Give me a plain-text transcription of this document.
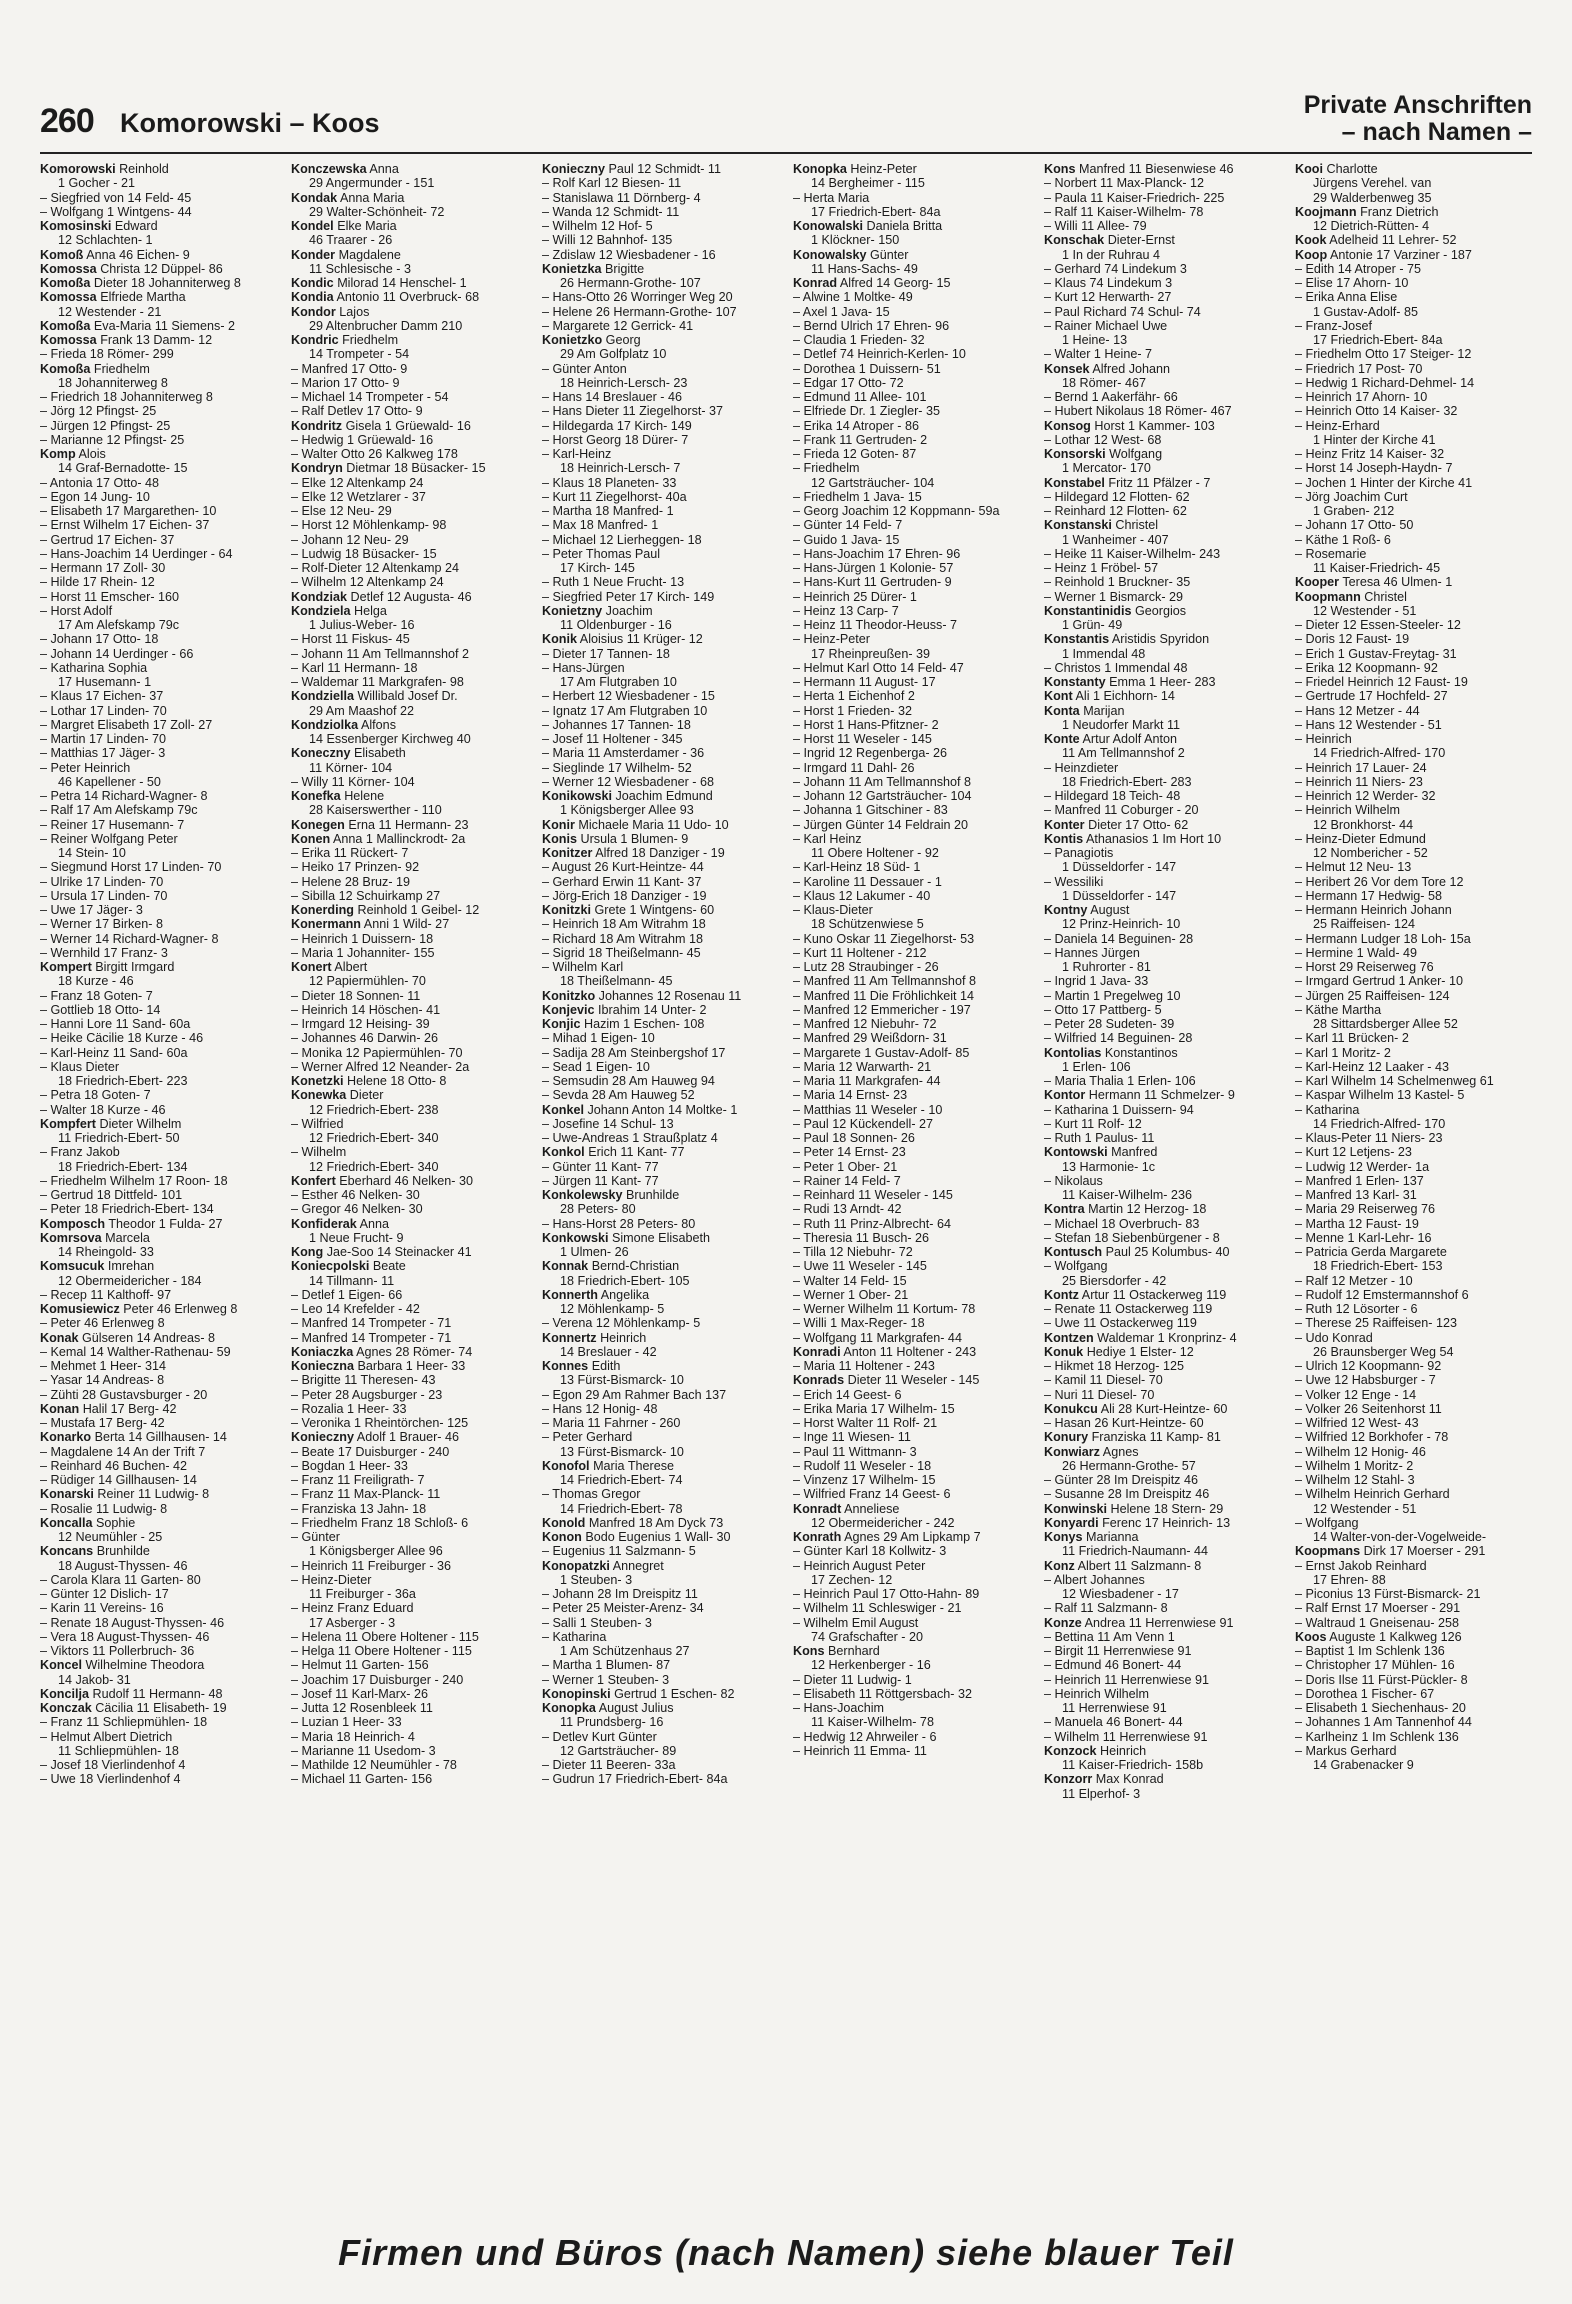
260 Komorowski – Koos
Private Anschriften
– nach Namen –
Komorowski Reinhold
1 Gocher - 21
– Siegfried von 14 Feld- 45
– Wolfgang 1 Wintgens- 44
Komosinski Edward
12 Schlachten- 1
Komoß Anna 46 Eichen- 9
Komossa Christa 12 Düppel- 86
Komoßa Dieter 18 Johanniterweg 8
Komossa Elfriede Martha
12 Westender - 21
Komoßa Eva-Maria 11 Siemens- 2
Komossa Frank 13 Damm- 12
– Frieda 18 Römer- 299
Komoßa Friedhelm
18 Johanniterweg 8
– Friedrich 18 Johanniterweg 8
– Jörg 12 Pfingst- 25
– Jürgen 12 Pfingst- 25
– Marianne 12 Pfingst- 25
Komp Alois
14 Graf-Bernadotte- 15
– Antonia 17 Otto- 48
– Egon 14 Jung- 10
– Elisabeth 17 Margarethen- 10
– Ernst Wilhelm 17 Eichen- 37
– Gertrud 17 Eichen- 37
– Hans-Joachim 14 Uerdinger - 64
– Hermann 17 Zoll- 30
– Hilde 17 Rhein- 12
– Horst 11 Emscher- 160
– Horst Adolf
17 Am Alefskamp 79c
– Johann 17 Otto- 18
– Johann 14 Uerdinger - 66
– Katharina Sophia
17 Husemann- 1
– Klaus 17 Eichen- 37
– Lothar 17 Linden- 70
– Margret Elisabeth 17 Zoll- 27
– Martin 17 Linden- 70
– Matthias 17 Jäger- 3
– Peter Heinrich
46 Kapellener - 50
– Petra 14 Richard-Wagner- 8
– Ralf 17 Am Alefskamp 79c
– Reiner 17 Husemann- 7
– Reiner Wolfgang Peter
14 Stein- 10
– Siegmund Horst 17 Linden- 70
– Ulrike 17 Linden- 70
– Ursula 17 Linden- 70
– Uwe 17 Jäger- 3
– Werner 17 Birken- 8
– Werner 14 Richard-Wagner- 8
– Wernhild 17 Franz- 3
Kompert Birgitt Irmgard
18 Kurze - 46
– Franz 18 Goten- 7
– Gottlieb 18 Otto- 14
– Hanni Lore 11 Sand- 60a
– Heike Cäcilie 18 Kurze - 46
– Karl-Heinz 11 Sand- 60a
– Klaus Dieter
18 Friedrich-Ebert- 223
– Petra 18 Goten- 7
– Walter 18 Kurze - 46
Kompfert Dieter Wilhelm
11 Friedrich-Ebert- 50
– Franz Jakob
18 Friedrich-Ebert- 134
– Friedhelm Wilhelm 17 Roon- 18
– Gertrud 18 Dittfeld- 101
– Peter 18 Friedrich-Ebert- 134
Komposch Theodor 1 Fulda- 27
Komrsova Marcela
14 Rheingold- 33
Komsucuk Imrehan
12 Obermeidericher - 184
– Recep 11 Kalthoff- 97
Komusiewicz Peter 46 Erlenweg 8
– Peter 46 Erlenweg 8
Konak Gülseren 14 Andreas- 8
– Kemal 14 Walther-Rathenau- 59
– Mehmet 1 Heer- 314
– Yasar 14 Andreas- 8
– Zühti 28 Gustavsburger - 20
Konan Halil 17 Berg- 42
– Mustafa 17 Berg- 42
Konarko Berta 14 Gillhausen- 14
– Magdalene 14 An der Trift 7
– Reinhard 46 Buchen- 42
– Rüdiger 14 Gillhausen- 14
Konarski Reiner 11 Ludwig- 8
– Rosalie 11 Ludwig- 8
Koncalla Sophie
12 Neumühler - 25
Koncans Brunhilde
18 August-Thyssen- 46
– Carola Klara 11 Garten- 80
– Günter 12 Dislich- 17
– Karin 11 Vereins- 16
– Renate 18 August-Thyssen- 46
– Vera 18 August-Thyssen- 46
– Viktors 11 Pollerbruch- 36
Koncel Wilhelmine Theodora
14 Jakob- 31
Koncilja Rudolf 11 Hermann- 48
Konczak Cäcilia 11 Elisabeth- 19
– Franz 11 Schliepmühlen- 18
– Helmut Albert Dietrich
11 Schliepmühlen- 18
– Josef 18 Vierlindenhof 4
– Uwe 18 Vierlindenhof 4
Konczewska Anna
29 Angermunder - 151
Kondak Anna Maria
29 Walter-Schönheit- 72
Kondel Elke Maria
46 Traarer - 26
Konder Magdalene
11 Schlesische - 3
Kondic Milorad 14 Henschel- 1
Kondia Antonio 11 Overbruck- 68
Kondor Lajos
29 Altenbrucher Damm 210
Kondric Friedhelm
14 Trompeter - 54
– Manfred 17 Otto- 9
– Marion 17 Otto- 9
– Michael 14 Trompeter - 54
– Ralf Detlev 17 Otto- 9
Kondritz Gisela 1 Grüewald- 16
– Hedwig 1 Grüewald- 16
– Walter Otto 26 Kalkweg 178
Kondryn Dietmar 18 Büsacker- 15
– Elke 12 Altenkamp 24
– Elke 12 Wetzlarer - 37
– Else 12 Neu- 29
– Horst 12 Möhlenkamp- 98
– Johann 12 Neu- 29
– Ludwig 18 Büsacker- 15
– Rolf-Dieter 12 Altenkamp 24
– Wilhelm 12 Altenkamp 24
Kondziak Detlef 12 Augusta- 46
Kondziela Helga
1 Julius-Weber- 16
– Horst 11 Fiskus- 45
– Johann 11 Am Tellmannshof 2
– Karl 11 Hermann- 18
– Waldemar 11 Markgrafen- 98
Kondziella Willibald Josef Dr.
29 Am Maashof 22
Kondziolka Alfons
14 Essenberger Kirchweg 40
Koneczny Elisabeth
11 Körner- 104
– Willy 11 Körner- 104
Konefka Helene
28 Kaiserswerther - 110
Konegen Erna 11 Hermann- 23
Konen Anna 1 Mallinckrodt- 2a
– Erika 11 Rückert- 7
– Heiko 17 Prinzen- 92
– Helene 28 Bruz- 19
– Sibilla 12 Schuirkamp 27
Konerding Reinhold 1 Geibel- 12
Konermann Anni 1 Wild- 27
– Heinrich 1 Duissern- 18
– Maria 1 Johanniter- 155
Konert Albert
12 Papiermühlen- 70
– Dieter 18 Sonnen- 11
– Heinrich 14 Höschen- 41
– Irmgard 12 Heising- 39
– Johannes 46 Darwin- 26
– Monika 12 Papiermühlen- 70
– Werner Alfred 12 Neander- 2a
Konetzki Helene 18 Otto- 8
Konewka Dieter
12 Friedrich-Ebert- 238
– Wilfried
12 Friedrich-Ebert- 340
– Wilhelm
12 Friedrich-Ebert- 340
Konfert Eberhard 46 Nelken- 30
– Esther 46 Nelken- 30
– Gregor 46 Nelken- 30
Konfiderak Anna
1 Neue Frucht- 9
Kong Jae-Soo 14 Steinacker 41
Koniecpolski Beate
14 Tillmann- 11
– Detlef 1 Eigen- 66
– Leo 14 Krefelder - 42
– Manfred 14 Trompeter - 71
– Manfred 14 Trompeter - 71
Koniaczka Agnes 28 Römer- 74
Konieczna Barbara 1 Heer- 33
– Brigitte 11 Theresen- 43
– Peter 28 Augsburger - 23
– Rozalia 1 Heer- 33
– Veronika 1 Rheintörchen- 125
Konieczny Adolf 1 Brauer- 46
– Beate 17 Duisburger - 240
– Bogdan 1 Heer- 33
– Franz 11 Freiligrath- 7
– Franz 11 Max-Planck- 11
– Franziska 13 Jahn- 18
– Friedhelm Franz 18 Schloß- 6
– Günter
1 Königsberger Allee 96
– Heinrich 11 Freiburger - 36
– Heinz-Dieter
11 Freiburger - 36a
– Heinz Franz Eduard
17 Asberger - 3
– Helena 11 Obere Holtener - 115
– Helga 11 Obere Holtener - 115
– Helmut 11 Garten- 156
– Joachim 17 Duisburger - 240
– Josef 11 Karl-Marx- 26
– Jutta 12 Rosenbleek 11
– Luzian 1 Heer- 33
– Maria 18 Heinrich- 4
– Marianne 11 Usedom- 3
– Mathilde 12 Neumühler - 78
– Michael 11 Garten- 156
Konieczny Paul 12 Schmidt- 11
– Rolf Karl 12 Biesen- 11
– Stanislawa 11 Dörnberg- 4
– Wanda 12 Schmidt- 11
– Wilhelm 12 Hof- 5
– Willi 12 Bahnhof- 135
– Zdislaw 12 Wiesbadener - 16
Konietzka Brigitte
26 Hermann-Grothe- 107
– Hans-Otto 26 Worringer Weg 20
– Helene 26 Hermann-Grothe- 107
– Margarete 12 Gerrick- 41
Konietzko Georg
29 Am Golfplatz 10
– Günter Anton
18 Heinrich-Lersch- 23
– Hans 14 Breslauer - 46
– Hans Dieter 11 Ziegelhorst- 37
– Hildegarda 17 Kirch- 149
– Horst Georg 18 Dürer- 7
– Karl-Heinz
18 Heinrich-Lersch- 7
– Klaus 18 Planeten- 33
– Kurt 11 Ziegelhorst- 40a
– Martha 18 Manfred- 1
– Max 18 Manfred- 1
– Michael 12 Lierheggen- 18
– Peter Thomas Paul
17 Kirch- 145
– Ruth 1 Neue Frucht- 13
– Siegfried Peter 17 Kirch- 149
Konietzny Joachim
11 Oldenburger - 16
Konik Aloisius 11 Krüger- 12
– Dieter 17 Tannen- 18
– Hans-Jürgen
17 Am Flutgraben 10
– Herbert 12 Wiesbadener - 15
– Ignatz 17 Am Flutgraben 10
– Johannes 17 Tannen- 18
– Josef 11 Holtener - 345
– Maria 11 Amsterdamer - 36
– Sieglinde 17 Wilhelm- 52
– Werner 12 Wiesbadener - 68
Konikowski Joachim Edmund
1 Königsberger Allee 93
Konir Michaele Maria 11 Udo- 10
Konis Ursula 1 Blumen- 9
Konitzer Alfred 18 Danziger - 19
– August 26 Kurt-Heintze- 44
– Gerhard Erwin 11 Kant- 37
– Jörg-Erich 18 Danziger - 19
Konitzki Grete 1 Wintgens- 60
– Heinrich 18 Am Witrahm 18
– Richard 18 Am Witrahm 18
– Sigrid 18 Theißelmann- 45
– Wilhelm Karl
18 Theißelmann- 45
Konitzko Johannes 12 Rosenau 11
Konjevic Ibrahim 14 Unter- 2
Konjic Hazim 1 Eschen- 108
– Mihad 1 Eigen- 10
– Sadija 28 Am Steinbergshof 17
– Sead 1 Eigen- 10
– Semsudin 28 Am Hauweg 94
– Sevda 28 Am Hauweg 52
Konkel Johann Anton 14 Moltke- 1
– Josefine 14 Schul- 13
– Uwe-Andreas 1 Straußplatz 4
Konkol Erich 11 Kant- 77
– Günter 11 Kant- 77
– Jürgen 11 Kant- 77
Konkolewsky Brunhilde
28 Peters- 80
– Hans-Horst 28 Peters- 80
Konkowski Simone Elisabeth
1 Ulmen- 26
Konnak Bernd-Christian
18 Friedrich-Ebert- 105
Konnerth Angelika
12 Möhlenkamp- 5
– Verena 12 Möhlenkamp- 5
Konnertz Heinrich
14 Breslauer - 42
Konnes Edith
13 Fürst-Bismarck- 10
– Egon 29 Am Rahmer Bach 137
– Hans 12 Honig- 48
– Maria 11 Fahrner - 260
– Peter Gerhard
13 Fürst-Bismarck- 10
Konofol Maria Therese
14 Friedrich-Ebert- 74
– Thomas Gregor
14 Friedrich-Ebert- 78
Konold Manfred 18 Am Dyck 73
Konon Bodo Eugenius 1 Wall- 30
– Eugenius 11 Salzmann- 5
Konopatzki Annegret
1 Steuben- 3
– Johann 28 Im Dreispitz 11
– Peter 25 Meister-Arenz- 34
– Salli 1 Steuben- 3
– Katharina
1 Am Schützenhaus 27
– Martha 1 Blumen- 87
– Werner 1 Steuben- 3
Konopinski Gertrud 1 Eschen- 82
Konopka August Julius
11 Prundsberg- 16
– Detlev Kurt Günter
12 Gartsträucher- 89
– Dieter 11 Beeren- 33a
– Gudrun 17 Friedrich-Ebert- 84a
Konopka Heinz-Peter
14 Bergheimer - 115
– Herta Maria
17 Friedrich-Ebert- 84a
Konowalski Daniela Britta
1 Klöckner- 150
Konowalsky Günter
11 Hans-Sachs- 49
Konrad Alfred 14 Georg- 15
– Alwine 1 Moltke- 49
– Axel 1 Java- 15
– Bernd Ulrich 17 Ehren- 96
– Claudia 1 Frieden- 32
– Detlef 74 Heinrich-Kerlen- 10
– Dorothea 1 Duissern- 51
– Edgar 17 Otto- 72
– Edmund 11 Allee- 101
– Elfriede Dr. 1 Ziegler- 35
– Erika 14 Atroper - 86
– Frank 11 Gertruden- 2
– Frieda 12 Goten- 87
– Friedhelm
12 Gartsträucher- 104
– Friedhelm 1 Java- 15
– Georg Joachim 12 Koppmann- 59a
– Günter 14 Feld- 7
– Guido 1 Java- 15
– Hans-Joachim 17 Ehren- 96
– Hans-Jürgen 1 Kolonie- 57
– Hans-Kurt 11 Gertruden- 9
– Heinrich 25 Dürer- 1
– Heinz 13 Carp- 7
– Heinz 11 Theodor-Heuss- 7
– Heinz-Peter
17 Rheinpreußen- 39
– Helmut Karl Otto 14 Feld- 47
– Hermann 11 August- 17
– Herta 1 Eichenhof 2
– Horst 1 Frieden- 32
– Horst 1 Hans-Pfitzner- 2
– Horst 11 Weseler - 145
– Ingrid 12 Regenberga- 26
– Irmgard 11 Dahl- 26
– Johann 11 Am Tellmannshof 8
– Johann 12 Gartsträucher- 104
– Johanna 1 Gitschiner - 83
– Jürgen Günter 14 Feldrain 20
– Karl Heinz
11 Obere Holtener - 92
– Karl-Heinz 18 Süd- 1
– Karoline 11 Dessauer - 1
– Klaus 12 Lakumer - 40
– Klaus-Dieter
18 Schützenwiese 5
– Kuno Oskar 11 Ziegelhorst- 53
– Kurt 11 Holtener - 212
– Lutz 28 Straubinger - 26
– Manfred 11 Am Tellmannshof 8
– Manfred 11 Die Fröhlichkeit 14
– Manfred 12 Emmericher - 197
– Manfred 12 Niebuhr- 72
– Manfred 29 Weißdorn- 31
– Margarete 1 Gustav-Adolf- 85
– Maria 12 Warwarth- 21
– Maria 11 Markgrafen- 44
– Maria 14 Ernst- 23
– Matthias 11 Weseler - 10
– Paul 12 Kückendell- 27
– Paul 18 Sonnen- 26
– Peter 14 Ernst- 23
– Peter 1 Ober- 21
– Rainer 14 Feld- 7
– Reinhard 11 Weseler - 145
– Rudi 13 Arndt- 42
– Ruth 11 Prinz-Albrecht- 64
– Theresia 11 Busch- 26
– Tilla 12 Niebuhr- 72
– Uwe 11 Weseler - 145
– Walter 14 Feld- 15
– Werner 1 Ober- 21
– Werner Wilhelm 11 Kortum- 78
– Willi 1 Max-Reger- 18
– Wolfgang 11 Markgrafen- 44
Konradi Anton 11 Holtener - 243
– Maria 11 Holtener - 243
Konrads Dieter 11 Weseler - 145
– Erich 14 Geest- 6
– Erika Maria 17 Wilhelm- 15
– Horst Walter 11 Rolf- 21
– Inge 11 Wiesen- 11
– Paul 11 Wittmann- 3
– Rudolf 11 Weseler - 18
– Vinzenz 17 Wilhelm- 15
– Wilfried Franz 14 Geest- 6
Konradt Anneliese
12 Obermeidericher - 242
Konrath Agnes 29 Am Lipkamp 7
– Günter Karl 18 Kollwitz- 3
– Heinrich August Peter
17 Zechen- 12
– Heinrich Paul 17 Otto-Hahn- 89
– Wilhelm 11 Schleswiger - 21
– Wilhelm Emil August
74 Grafschafter - 20
Kons Bernhard
12 Herkenberger - 16
– Dieter 11 Ludwig- 1
– Elisabeth 11 Röttgersbach- 32
– Hans-Joachim
11 Kaiser-Wilhelm- 78
– Hedwig 12 Ahrweiler - 6
– Heinrich 11 Emma- 11
Kons Manfred 11 Biesenwiese 46
– Norbert 11 Max-Planck- 12
– Paula 11 Kaiser-Friedrich- 225
– Ralf 11 Kaiser-Wilhelm- 78
– Willi 11 Allee- 79
Konschak Dieter-Ernst
1 In der Ruhrau 4
– Gerhard 74 Lindekum 3
– Klaus 74 Lindekum 3
– Kurt 12 Herwarth- 27
– Paul Richard 74 Schul- 74
– Rainer Michael Uwe
1 Heine- 13
– Walter 1 Heine- 7
Konsek Alfred Johann
18 Römer- 467
– Bernd 1 Aakerfähr- 66
– Hubert Nikolaus 18 Römer- 467
Konsog Horst 1 Kammer- 103
– Lothar 12 West- 68
Konsorski Wolfgang
1 Mercator- 170
Konstabel Fritz 11 Pfälzer - 7
– Hildegard 12 Flotten- 62
– Reinhard 12 Flotten- 62
Konstanski Christel
1 Wanheimer - 407
– Heike 11 Kaiser-Wilhelm- 243
– Heinz 1 Fröbel- 57
– Reinhold 1 Bruckner- 35
– Werner 1 Bismarck- 29
Konstantinidis Georgios
1 Grün- 49
Konstantis Aristidis Spyridon
1 Immendal 48
– Christos 1 Immendal 48
Konstanty Emma 1 Heer- 283
Kont Ali 1 Eichhorn- 14
Konta Marijan
1 Neudorfer Markt 11
Konte Artur Adolf Anton
11 Am Tellmannshof 2
– Heinzdieter
18 Friedrich-Ebert- 283
– Hildegard 18 Teich- 48
– Manfred 11 Coburger - 20
Konter Dieter 17 Otto- 62
Kontis Athanasios 1 Im Hort 10
– Panagiotis
1 Düsseldorfer - 147
– Wessiliki
1 Düsseldorfer - 147
Kontny August
12 Prinz-Heinrich- 10
– Daniela 14 Beguinen- 28
– Hannes Jürgen
1 Ruhrorter - 81
– Ingrid 1 Java- 33
– Martin 1 Pregelweg 10
– Otto 17 Pattberg- 5
– Peter 28 Sudeten- 39
– Wilfried 14 Beguinen- 28
Kontolias Konstantinos
1 Erlen- 106
– Maria Thalia 1 Erlen- 106
Kontor Hermann 11 Schmelzer- 9
– Katharina 1 Duissern- 94
– Kurt 11 Rolf- 12
– Ruth 1 Paulus- 11
Kontowski Manfred
13 Harmonie- 1c
– Nikolaus
11 Kaiser-Wilhelm- 236
Kontra Martin 12 Herzog- 18
– Michael 18 Overbruch- 83
– Stefan 18 Siebenbürgener - 8
Kontusch Paul 25 Kolumbus- 40
– Wolfgang
25 Biersdorfer - 42
Kontz Artur 11 Ostackerweg 119
– Renate 11 Ostackerweg 119
– Uwe 11 Ostackerweg 119
Kontzen Waldemar 1 Kronprinz- 4
Konuk Hediye 1 Elster- 12
– Hikmet 18 Herzog- 125
– Kamil 11 Diesel- 70
– Nuri 11 Diesel- 70
Konukcu Ali 28 Kurt-Heintze- 60
– Hasan 26 Kurt-Heintze- 60
Konury Franziska 11 Kamp- 81
Konwiarz Agnes
26 Hermann-Grothe- 57
– Günter 28 Im Dreispitz 46
– Susanne 28 Im Dreispitz 46
Konwinski Helene 18 Stern- 29
Konyardi Ferenc 17 Heinrich- 13
Konys Marianna
11 Friedrich-Naumann- 44
Konz Albert 11 Salzmann- 8
– Albert Johannes
12 Wiesbadener - 17
– Ralf 11 Salzmann- 8
Konze Andrea 11 Herrenwiese 91
– Bettina 11 Am Venn 1
– Birgit 11 Herrenwiese 91
– Edmund 46 Bonert- 44
– Heinrich 11 Herrenwiese 91
– Heinrich Wilhelm
11 Herrenwiese 91
– Manuela 46 Bonert- 44
– Wilhelm 11 Herrenwiese 91
Konzock Heinrich
11 Kaiser-Friedrich- 158b
Konzorr Max Konrad
11 Elperhof- 3
Kooi Charlotte
Jürgens Verehel. van
29 Walderbenweg 35
Koojmann Franz Dietrich
12 Dietrich-Rütten- 4
Kook Adelheid 11 Lehrer- 52
Koop Antonie 17 Varziner - 187
– Edith 14 Atroper - 75
– Elise 17 Ahorn- 10
– Erika Anna Elise
1 Gustav-Adolf- 85
– Franz-Josef
17 Friedrich-Ebert- 84a
– Friedhelm Otto 17 Steiger- 12
– Friedrich 17 Post- 70
– Hedwig 1 Richard-Dehmel- 14
– Heinrich 17 Ahorn- 10
– Heinrich Otto 14 Kaiser- 32
– Heinz-Erhard
1 Hinter der Kirche 41
– Heinz Fritz 14 Kaiser- 32
– Horst 14 Joseph-Haydn- 7
– Jochen 1 Hinter der Kirche 41
– Jörg Joachim Curt
1 Graben- 212
– Johann 17 Otto- 50
– Käthe 1 Roß- 6
– Rosemarie
11 Kaiser-Friedrich- 45
Kooper Teresa 46 Ulmen- 1
Koopmann Christel
12 Westender - 51
– Dieter 12 Essen-Steeler- 12
– Doris 12 Faust- 19
– Erich 1 Gustav-Freytag- 31
– Erika 12 Koopmann- 92
– Friedel Heinrich 12 Faust- 19
– Gertrude 17 Hochfeld- 27
– Hans 12 Metzer - 44
– Hans 12 Westender - 51
– Heinrich
14 Friedrich-Alfred- 170
– Heinrich 17 Lauer- 24
– Heinrich 11 Niers- 23
– Heinrich 12 Werder- 32
– Heinrich Wilhelm
12 Bronkhorst- 44
– Heinz-Dieter Edmund
12 Nombericher - 52
– Helmut 12 Neu- 13
– Heribert 26 Vor dem Tore 12
– Hermann 17 Hedwig- 58
– Hermann Heinrich Johann
25 Raiffeisen- 124
– Hermann Ludger 18 Loh- 15a
– Hermine 1 Wald- 49
– Horst 29 Reiserweg 76
– Irmgard Gertrud 1 Anker- 10
– Jürgen 25 Raiffeisen- 124
– Käthe Martha
28 Sittardsberger Allee 52
– Karl 11 Brücken- 2
– Karl 1 Moritz- 2
– Karl-Heinz 12 Laaker - 43
– Karl Wilhelm 14 Schelmenweg 61
– Kaspar Wilhelm 13 Kastel- 5
– Katharina
14 Friedrich-Alfred- 170
– Klaus-Peter 11 Niers- 23
– Kurt 12 Letjens- 23
– Ludwig 12 Werder- 1a
– Manfred 1 Erlen- 137
– Manfred 13 Karl- 31
– Maria 29 Reiserweg 76
– Martha 12 Faust- 19
– Menne 1 Karl-Lehr- 16
– Patricia Gerda Margarete
18 Friedrich-Ebert- 153
– Ralf 12 Metzer - 10
– Rudolf 12 Emstermannshof 6
– Ruth 12 Lösorter - 6
– Therese 25 Raiffeisen- 123
– Udo Konrad
26 Braunsberger Weg 54
– Ulrich 12 Koopmann- 92
– Uwe 12 Habsburger - 7
– Volker 12 Enge - 14
– Volker 26 Seitenhorst 11
– Wilfried 12 West- 43
– Wilfried 12 Borkhofer - 78
– Wilhelm 12 Honig- 46
– Wilhelm 1 Moritz- 2
– Wilhelm 12 Stahl- 3
– Wilhelm Heinrich Gerhard
12 Westender - 51
– Wolfgang
14 Walter-von-der-Vogelweide-
Koopmans Dirk 17 Moerser - 291
– Ernst Jakob Reinhard
17 Ehren- 88
– Piconius 13 Fürst-Bismarck- 21
– Ralf Ernst 17 Moerser - 291
– Waltraud 1 Gneisenau- 258
Koos Auguste 1 Kalkweg 126
– Baptist 1 Im Schlenk 136
– Christopher 17 Mühlen- 16
– Doris Ilse 11 Fürst-Pückler- 8
– Dorothea 1 Fischer- 67
– Elisabeth 1 Siechenhaus- 20
– Johannes 1 Am Tannenhof 44
– Karlheinz 1 Im Schlenk 136
– Markus Gerhard
14 Grabenacker 9
Firmen und Büros (nach Namen) siehe blauer Teil
